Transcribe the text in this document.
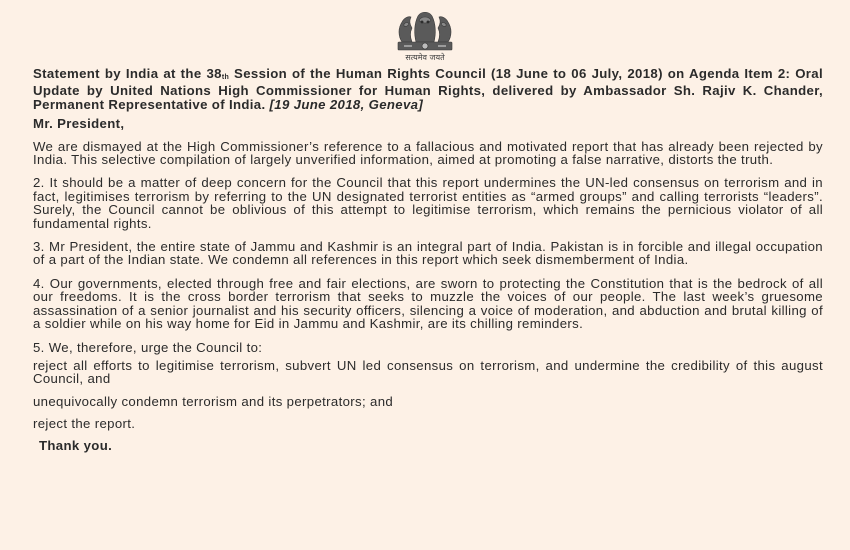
सत्यमेव जयते

Statement by India at the 38th Session of the Human Rights Council (18 June to 06 July, 2018) on Agenda Item 2: Oral Update by United Nations High Commissioner for Human Rights, delivered by Ambassador Sh. Rajiv K. Chander, Permanent Representative of India. [19 June 2018, Geneva]

Mr. President,

We are dismayed at the High Commissioner’s reference to a fallacious and motivated report that has already been rejected by India. This selective compilation of largely unverified information, aimed at promoting a false narrative, distorts the truth.

2. It should be a matter of deep concern for the Council that this report undermines the UN-led consensus on terrorism and in fact, legitimises terrorism by referring to the UN designated terrorist entities as “armed groups” and calling terrorists “leaders”. Surely, the Council cannot be oblivious of this attempt to legitimise terrorism, which remains the pernicious violator of all fundamental rights.

3. Mr President, the entire state of Jammu and Kashmir is an integral part of India. Pakistan is in forcible and illegal occupation of a part of the Indian state. We condemn all references in this report which seek dismemberment of India.

4. Our governments, elected through free and fair elections, are sworn to protecting the Constitution that is the bedrock of all our freedoms. It is the cross border terrorism that seeks to muzzle the voices of our people. The last week’s gruesome assassination of a senior journalist and his security officers, silencing a voice of moderation, and abduction and brutal killing of a soldier while on his way home for Eid in Jammu and Kashmir, are its chilling reminders.

5. We, therefore, urge the Council to:

reject all efforts to legitimise terrorism, subvert UN led consensus on terrorism, and undermine the credibility of this august Council, and

unequivocally condemn terrorism and its perpetrators; and

reject the report.

Thank you.
